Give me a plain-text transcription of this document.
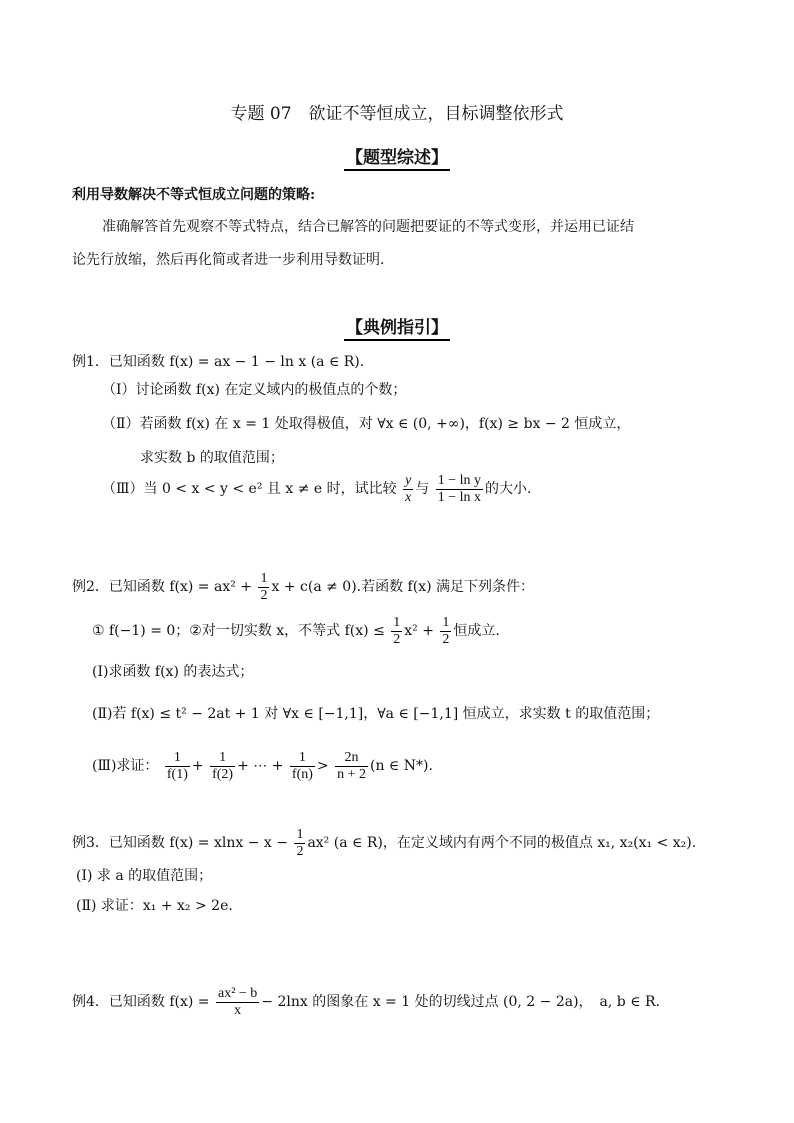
专题 07　欲证不等恒成立，目标调整依形式
【题型综述】
利用导数解决不等式恒成立问题的策略:
准确解答首先观察不等式特点，结合已解答的问题把要证的不等式变形，并运用已证结
论先行放缩，然后再化简或者进一步利用导数证明.
【典例指引】
例1．已知函数 f(x) = ax − 1 − ln x (a ∈ R).
（Ⅰ）讨论函数 f(x) 在定义域内的极值点的个数；
（Ⅱ）若函数 f(x) 在 x = 1 处取得极值，对 ∀x ∈ (0, +∞)，f(x) ≥ bx − 2 恒成立，
求实数 b 的取值范围；
（Ⅲ）当 0 < x < y < e² 且 x ≠ e 时，试比较 $\frac{y}{x}$ 与 $\frac{\text{1 − ln y}}{\text{1 − ln x}}$ 的大小.
例2．已知函数 $f(x) = ax^2 + \frac{1}{2}$ x + c(a ≠ 0).若函数 f(x) 满足下列条件：
① f(−1) = 0；②对一切实数 x，不等式 $f(x) \le \frac{1}{2} x^2 + \frac{1}{2}$ 恒成立.
(Ⅰ)求函数 f(x) 的表达式；
(Ⅱ)若 f(x) ≤ t² − 2at + 1 对 ∀x ∈ [−1,1]，∀a ∈ [−1,1] 恒成立，求实数 t 的取值范围；
(Ⅲ)求证： $\frac{1}{f(1)} + \frac{1}{f(2)}$ + ⋯ + $\frac{1}{f(n)} > \frac{2n}{n + 2} (n$ ∈ N*).
例3．已知函数 $f(x) = xlnx - x - \frac{1}{2} ax^2$ (a ∈ R)，在定义域内有两个不同的极值点 x₁, x₂(x₁ < x₂).
(Ⅰ) 求 a 的取值范围；
(Ⅱ) 求证：x₁ + x₂ > 2e.
例4．已知函数 $f(x) = \frac{\text{ax² − b}}{x} - 2\ln x$ 的图象在 x = 1 处的切线过点 (0, 2 − 2a)，　a, b ∈ R.
